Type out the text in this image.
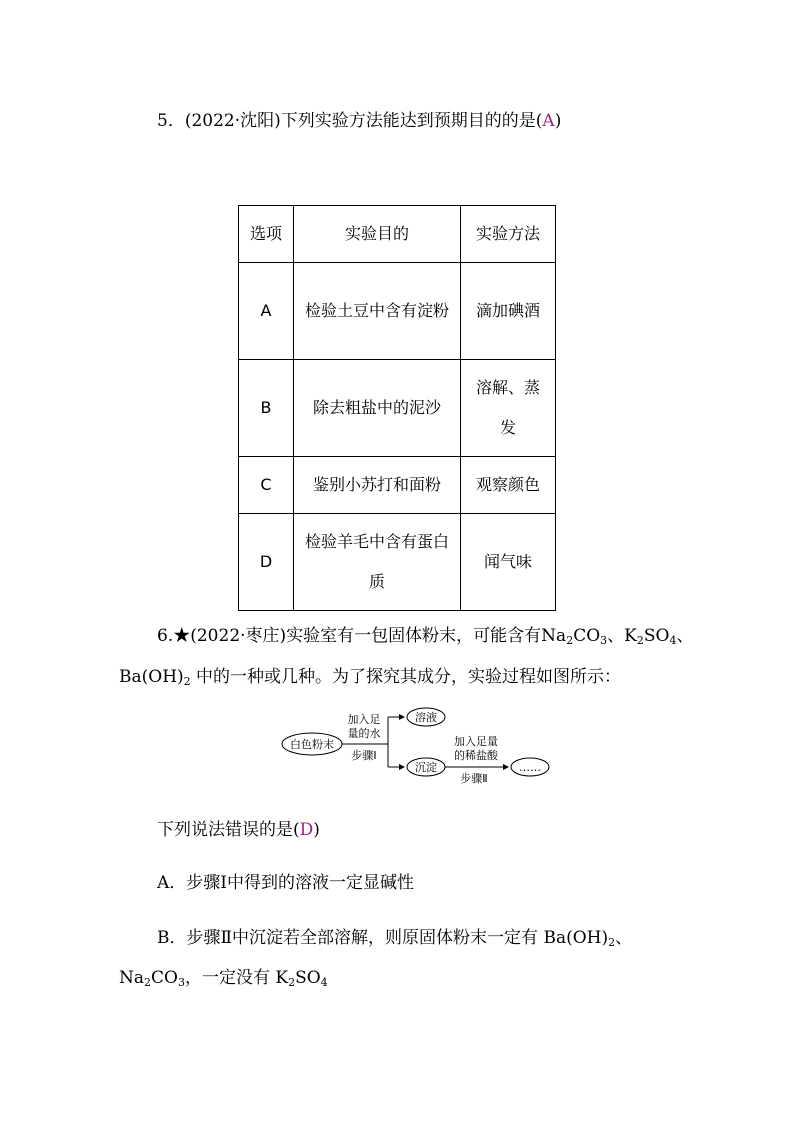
5．(2022·沈阳)下列实验方法能达到预期目的的是(A)
选项	实验目的	实验方法
A	检验土豆中含有淀粉	滴加碘酒
B	除去粗盐中的泥沙	溶解、蒸发
C	鉴别小苏打和面粉	观察颜色
D	检验羊毛中含有蛋白质	闻气味
6.★(2022·枣庄)实验室有一包固体粉末，可能含有$Na_2CO_3$、$K_2SO_4$、
$Ba(OH)_2$ 中的一种或几种。为了探究其成分，实验过程如图所示：
白色粉末
加入足
量的水
步骤Ⅰ
溶液
沉淀
加入足量
的稀盐酸
步骤Ⅱ
……
下列说法错误的是(D)
A．步骤Ⅰ中得到的溶液一定显碱性
B．步骤Ⅱ中沉淀若全部溶解，则原固体粉末一定有 $Ba(OH)_2$、
$Na_2CO_3$，一定没有 $K_2SO_4$
